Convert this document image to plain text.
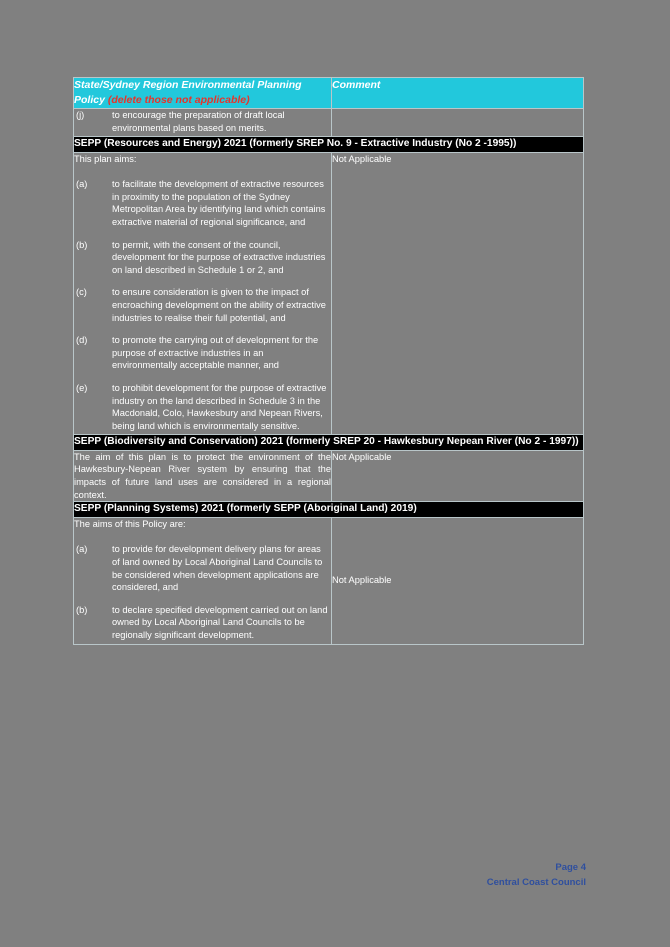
State/Sydney Region Environmental Planning Policy (delete those not applicable)	Comment

(j)	to encourage the preparation of draft local environmental plans based on merits.

SEPP (Resources and Energy) 2021 (formerly SREP No. 9 - Extractive Industry (No 2 -1995))	

This plan aims:

(a)	to facilitate the development of extractive resources in proximity to the population of the Sydney Metropolitan Area by identifying land which contains extractive material of regional significance, and
(b)	to permit, with the consent of the council, development for the purpose of extractive industries on land described in Schedule 1 or 2, and
(c)	to ensure consideration is given to the impact of encroaching development on the ability of extractive industries to realise their full potential, and
(d)	to promote the carrying out of development for the purpose of extractive industries in an environmentally acceptable manner, and
(e)	to prohibit development for the purpose of extractive industry on the land described in Schedule 3 in the Macdonald, Colo, Hawkesbury and Nepean Rivers, being land which is environmentally sensitive.
	Not Applicable
SEPP (Biodiversity and Conservation) 2021 (formerly SREP 20 - Hawkesbury Nepean River (No 2 - 1997))	

The aim of this plan is to protect the environment of the Hawkesbury-Nepean River system by ensuring that the impacts of future land uses are considered in a regional context.	Not Applicable
SEPP (Planning Systems) 2021 (formerly SEPP (Aboriginal Land) 2019)	

The aims of this Policy are:

(a)	to provide for development delivery plans for areas of land owned by Local Aboriginal Land Councils to be considered when development applications are considered, and
(b)	to declare specified development carried out on land owned by Local Aboriginal Land Councils to be regionally significant development.
	Not Applicable
Page 4
Central Coast Council
